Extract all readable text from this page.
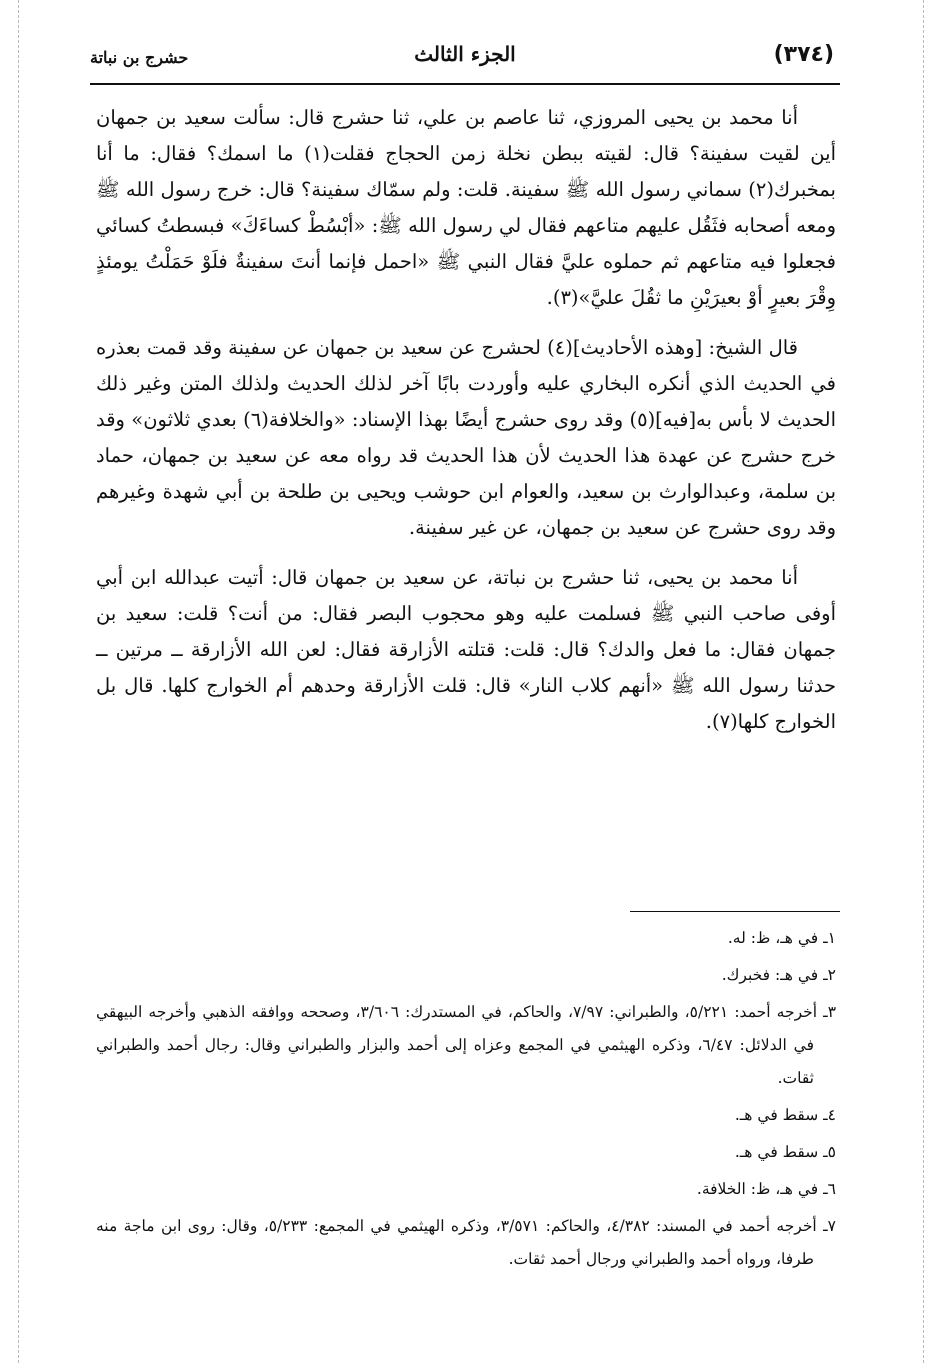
(٣٧٤)
الجزء الثالث
حشرج بن نباتة

أنا محمد بن يحيى المروزي، ثنا عاصم بن علي، ثنا حشرج قال: سألت سعيد بن جمهان أين لقيت سفينة؟ قال: لقيته ببطن نخلة زمن الحجاج فقلت(١) ما اسمك؟ فقال: ما أنا بمخبرك(٢) سماني رسول الله ﷺ سفينة. قلت: ولم سمّاك سفينة؟ قال: خرج رسول الله ﷺ ومعه أصحابه فثَقُل عليهم متاعهم فقال لي رسول الله ﷺ: «أبْسُطْ كساءَكَ» فبسطتُ كسائي فجعلوا فيه متاعهم ثم حملوه عليَّ فقال النبي ﷺ «احمل فإنما أنتَ سفينةٌ فلَوْ حَمَلْتُ يومئذٍ وِقْرَ بعيرٍ أوْ بعيرَيْنِ ما ثقُلَ عليَّ»(٣).

قال الشيخ: [وهذه الأحاديث](٤) لحشرج عن سعيد بن جمهان عن سفينة وقد قمت بعذره في الحديث الذي أنكره البخاري عليه وأوردت بابًا آخر لذلك الحديث ولذلك المتن وغير ذلك الحديث لا بأس به[فيه](٥) وقد روى حشرج أيضًا بهذا الإسناد: «والخلافة(٦) بعدي ثلاثون» وقد خرج حشرج عن عهدة هذا الحديث لأن هذا الحديث قد رواه معه عن سعيد بن جمهان، حماد بن سلمة، وعبدالوارث بن سعيد، والعوام ابن حوشب ويحيى بن طلحة بن أبي شهدة وغيرهم وقد روى حشرج عن سعيد بن جمهان، عن غير سفينة.

أنا محمد بن يحيى، ثنا حشرج بن نباتة، عن سعيد بن جمهان قال: أتيت عبدالله ابن أبي أوفى صاحب النبي ﷺ فسلمت عليه وهو محجوب البصر فقال: من أنت؟ قلت: سعيد بن جمهان فقال: ما فعل والدك؟ قال: قلت: قتلته الأزارقة فقال: لعن الله الأزارقة ــ مرتين ــ حدثنا رسول الله ﷺ «أنهم كلاب النار» قال: قلت الأزارقة وحدهم أم الخوارج كلها. قال بل الخوارج كلها(٧).

١ـ في هـ، ظ: له.

٢ـ في هـ: فخبرك.

٣ـ أخرجه أحمد: ٥/٢٢١، والطبراني: ٧/٩٧، والحاكم، في المستدرك: ٣/٦٠٦، وصححه ووافقه الذهبي وأخرجه البيهقي في الدلائل: ٦/٤٧، وذكره الهيثمي في المجمع وعزاه إلى أحمد والبزار والطبراني وقال: رجال أحمد والطبراني ثقات.

٤ـ سقط في هـ.

٥ـ سقط في هـ.

٦ـ في هـ، ظ: الخلافة.

٧ـ أخرجه أحمد في المسند: ٤/٣٨٢، والحاكم: ٣/٥٧١، وذكره الهيثمي في المجمع: ٥/٢٣٣، وقال: روى ابن ماجة منه طرفا، ورواه أحمد والطبراني ورجال أحمد ثقات.
